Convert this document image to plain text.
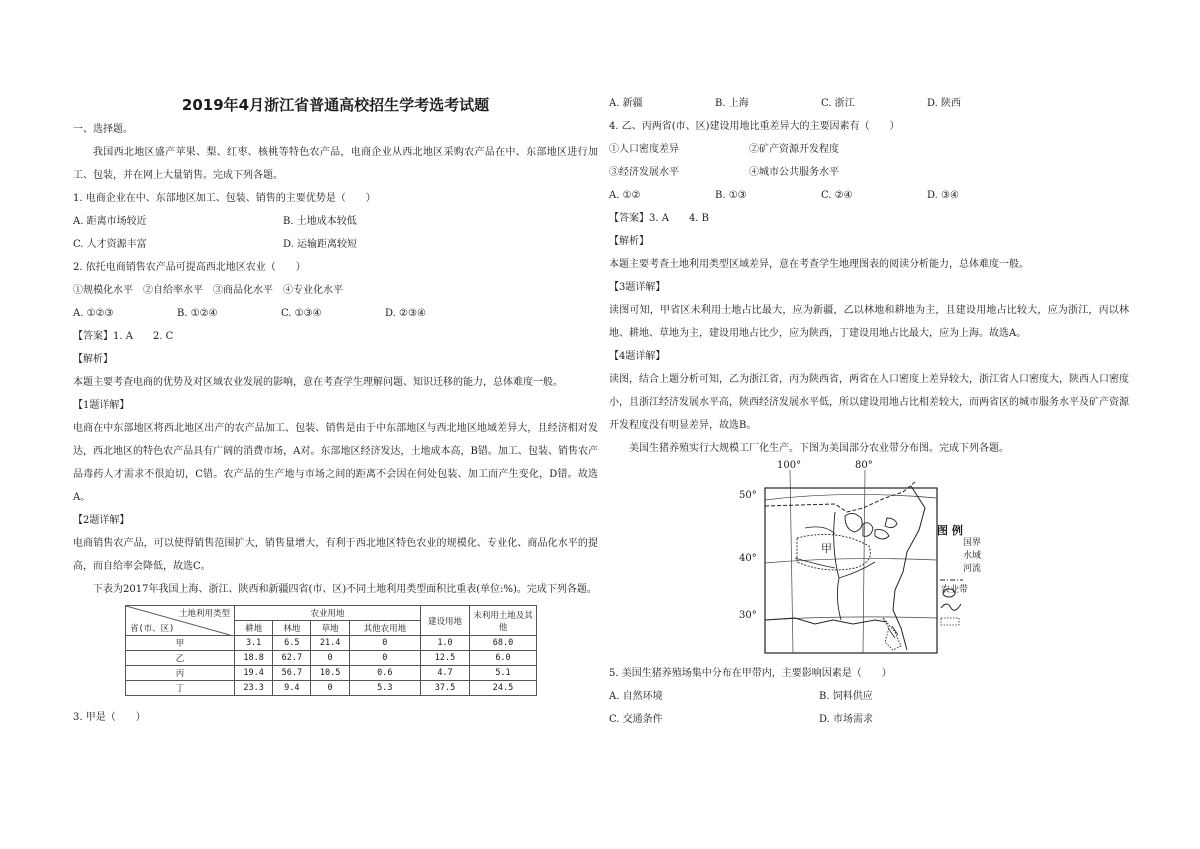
2019年4月浙江省普通高校招生学考选考试题
一、选择题。
我国西北地区盛产苹果、梨、红枣、核桃等特色农产品，电商企业从西北地区采购农产品在中、东部地区进行加工、包装，并在网上大量销售。完成下列各题。
1. 电商企业在中、东部地区加工、包装、销售的主要优势是（　　）
A. 距离市场较近	B. 土地成本较低
C. 人才资源丰富	D. 运输距离较短
2. 依托电商销售农产品可提高西北地区农业（　　）
①规模化水平　②自给率水平　③商品化水平　④专业化水平
A. ①②③	B. ①②④	C. ①③④	D. ②③④
【答案】1. A　　2. C
【解析】
本题主要考查电商的优势及对区域农业发展的影响，意在考查学生理解问题、知识迁移的能力，总体难度一般。
【1题详解】
电商在中东部地区将西北地区出产的农产品加工、包装、销售是由于中东部地区与西北地区地域差异大，且经济相对发达，西北地区的特色农产品具有广阔的消费市场，A对。东部地区经济发达，土地成本高，B错。加工、包装、销售农产品毒药人才需求不很迫切，C错。农产品的生产地与市场之间的距离不会因在何处包装、加工而产生变化，D错。故选A。
【2题详解】
电商销售农产品，可以使得销售范围扩大，销售量增大，有利于西北地区特色农业的规模化、专业化、商品化水平的提高，而自给率会降低，故选C。
下表为2017年我国上海、浙江、陕西和新疆四省(市、区)不同土地利用类型面积比重表(单位:%)。完成下列各题。
土地利用类型
省(市、区)	农业用地				建设用地	未利用土地及其他
	耕地	林地	草地	其他农用地		
甲	3.1	6.5	21.4	0	1.0	68.0
乙	18.8	62.7	0	0	12.5	6.0
丙	19.4	56.7	10.5	0.6	4.7	5.1
丁	23.3	9.4	0	5.3	37.5	24.5
3. 甲是（　　）
A. 新疆	B. 上海	C. 浙江	D. 陕西
4. 乙、丙两省(市、区)建设用地比重差异大的主要因素有（　　）
①人口密度差异	②矿产资源开发程度
③经济发展水平	④城市公共服务水平
A. ①②	B. ①③	C. ②④	D. ③④
【答案】3. A　　4. B
【解析】
本题主要考查土地利用类型区域差异，意在考查学生地理图表的阅读分析能力，总体难度一般。
【3题详解】
读图可知，甲省区未利用土地占比最大，应为新疆，乙以林地和耕地为主，且建设用地占比较大，应为浙江，丙以林地、耕地、草地为主，建设用地占比少，应为陕西，丁建设用地占比最大，应为上海。故选A。
【4题详解】
读图，结合上题分析可知，乙为浙江省，丙为陕西省，两省在人口密度上差异较大，浙江省人口密度大，陕西人口密度小，且浙江经济发展水平高，陕西经济发展水平低，所以建设用地占比相差较大，而两省区的城市服务水平及矿产资源开发程度没有明显差异，故选B。
美国生猪养殖实行大规模工厂化生产。下图为美国部分农业带分布图。完成下列各题。
100°	80°
50°
40°
30°
甲
图 例
国界
水域
河流
农业带
5. 美国生猪养殖场集中分布在甲带内，主要影响因素是（　　）
A. 自然环境	B. 饲料供应
C. 交通条件	D. 市场需求
